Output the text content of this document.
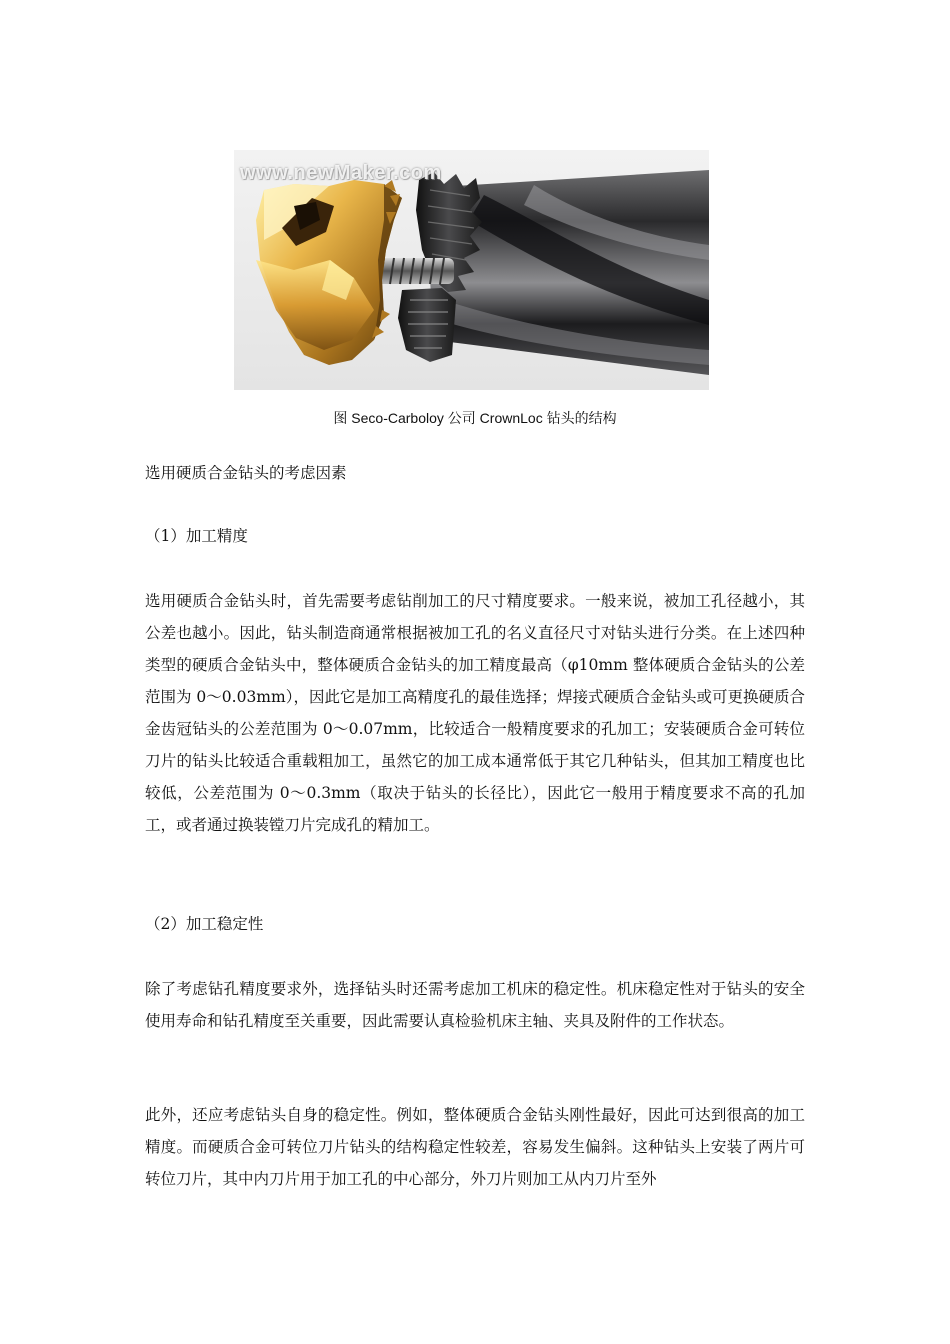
www.newMaker.com
图 Seco-Carboloy 公司 CrownLoc 钻头的结构

选用硬质合金钻头的考虑因素

（1）加工精度

选用硬质合金钻头时，首先需要考虑钻削加工的尺寸精度要求。一般来说，被加工孔径越小，其公差也越小。因此，钻头制造商通常根据被加工孔的名义直径尺寸对钻头进行分类。在上述四种类型的硬质合金钻头中，整体硬质合金钻头的加工精度最高（φ10mm 整体硬质合金钻头的公差范围为 0～0.03mm），因此它是加工高精度孔的最佳选择；焊接式硬质合金钻头或可更换硬质合金齿冠钻头的公差范围为 0～0.07mm，比较适合一般精度要求的孔加工；安装硬质合金可转位刀片的钻头比较适合重载粗加工，虽然它的加工成本通常低于其它几种钻头，但其加工精度也比较低，公差范围为 0～0.3mm（取决于钻头的长径比），因此它一般用于精度要求不高的孔加工，或者通过换装镗刀片完成孔的精加工。

（2）加工稳定性

除了考虑钻孔精度要求外，选择钻头时还需考虑加工机床的稳定性。机床稳定性对于钻头的安全使用寿命和钻孔精度至关重要，因此需要认真检验机床主轴、夹具及附件的工作状态。

此外，还应考虑钻头自身的稳定性。例如，整体硬质合金钻头刚性最好，因此可达到很高的加工精度。而硬质合金可转位刀片钻头的结构稳定性较差，容易发生偏斜。这种钻头上安装了两片可转位刀片，其中内刀片用于加工孔的中心部分，外刀片则加工从内刀片至外
